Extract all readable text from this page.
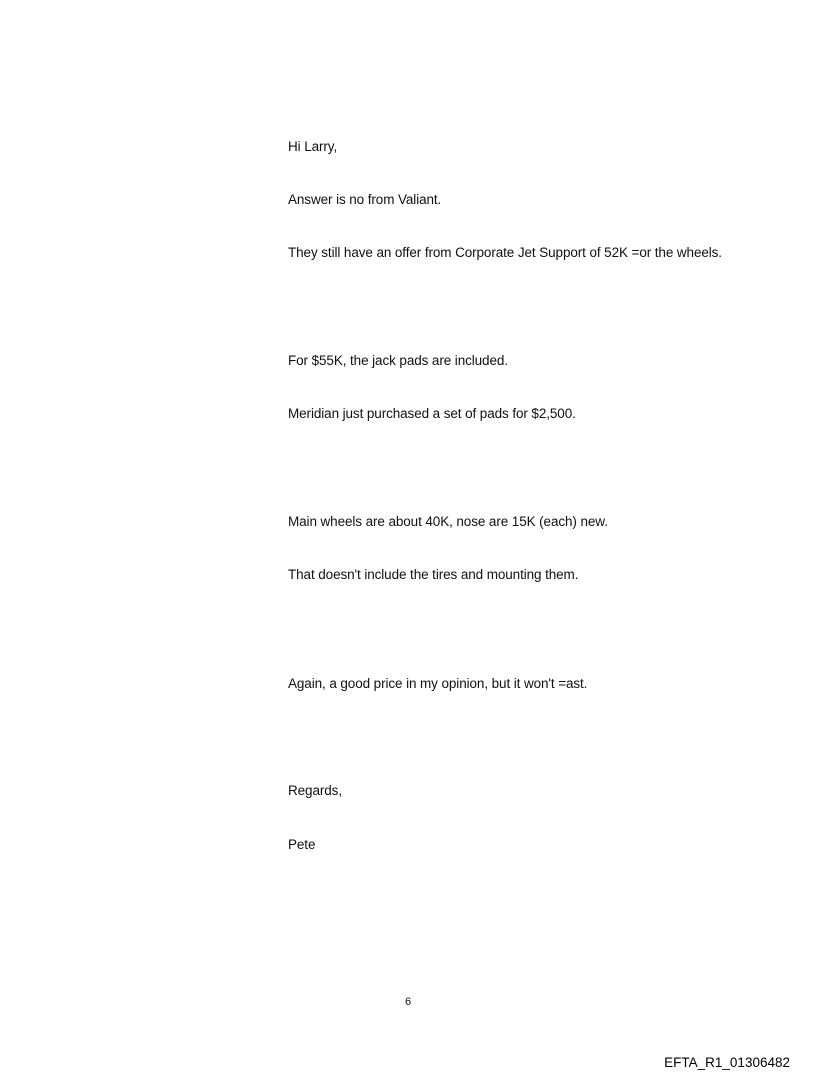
Hi Larry,
Answer is no from Valiant.
They still have an offer from Corporate Jet Support of 52K =or the wheels.
For $55K, the jack pads are included.
Meridian just purchased a set of pads for $2,500.
Main wheels are about 40K, nose are 15K (each) new.
That doesn't include the tires and mounting them.
Again, a good price in my opinion, but it won't =ast.
Regards,
Pete
6
EFTA_R1_01306482
